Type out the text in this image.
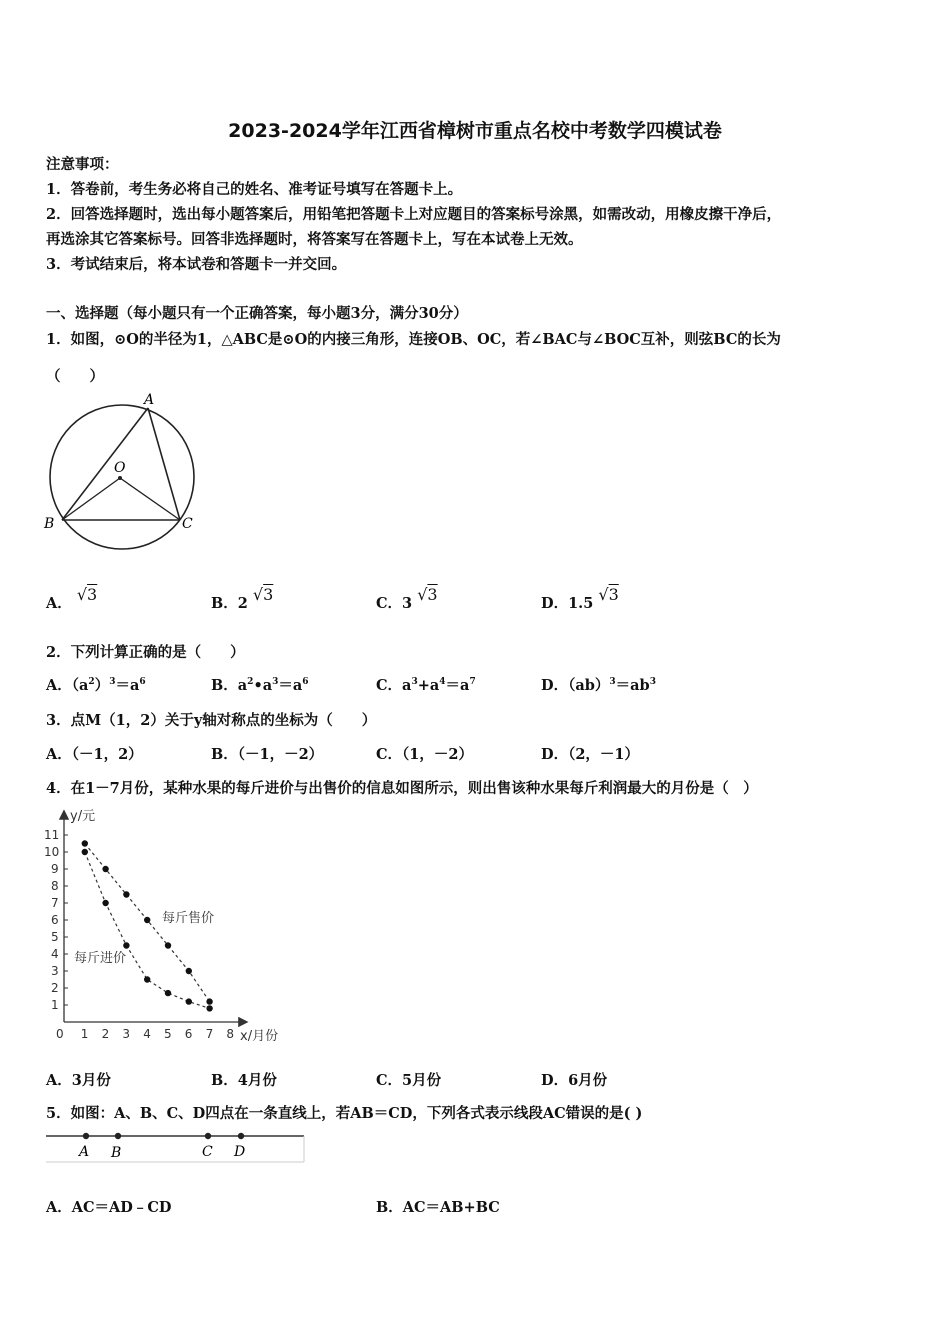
2023-2024学年江西省樟树市重点名校中考数学四模试卷
注意事项：
1．答卷前，考生务必将自己的姓名、准考证号填写在答题卡上。
2．回答选择题时，选出每小题答案后，用铅笔把答题卡上对应题目的答案标号涂黑，如需改动，用橡皮擦干净后，
再选涂其它答案标号。回答非选择题时，将答案写在答题卡上，写在本试卷上无效。
3．考试结束后，将本试卷和答题卡一并交回。
一、选择题（每小题只有一个正确答案，每小题3分，满分30分）
1．如图，⊙O的半径为1，△ABC是⊙O的内接三角形，连接OB、OC，若∠BAC与∠BOC互补，则弦BC的长为
（　　）
A
O
B	C
A． √3	B．2 √3	C．3 √3	D．1.5 √3
2．下列计算正确的是（　　）
A．$(a^2)^3=a^6$	B．$a^2•a^3=a^6$	C．$a^3+a^4=a^7$	D．$(ab)^3=ab^3$
3．点M（1，2）关于y轴对称点的坐标为（　　）
A．（－1，2）	B．（－1，－2）	C．（1，－2）	D．（2，－1）
4．在1－7月份，某种水果的每斤进价与出售价的信息如图所示，则出售该种水果每斤利润最大的月份是（　）
0 1 2 3 4 5 6 7 8
1
2
3
4
5
6
7
8
9
10
11
y/元
x/月份
每斤售价
每斤进价
A．3月份	B．4月份	C．5月份	D．6月份
5．如图：A、B、C、D四点在一条直线上，若AB＝CD，下列各式表示线段AC错误的是( )
A B	C D
A．AC＝AD﹣CD	B．AC＝AB+BC
